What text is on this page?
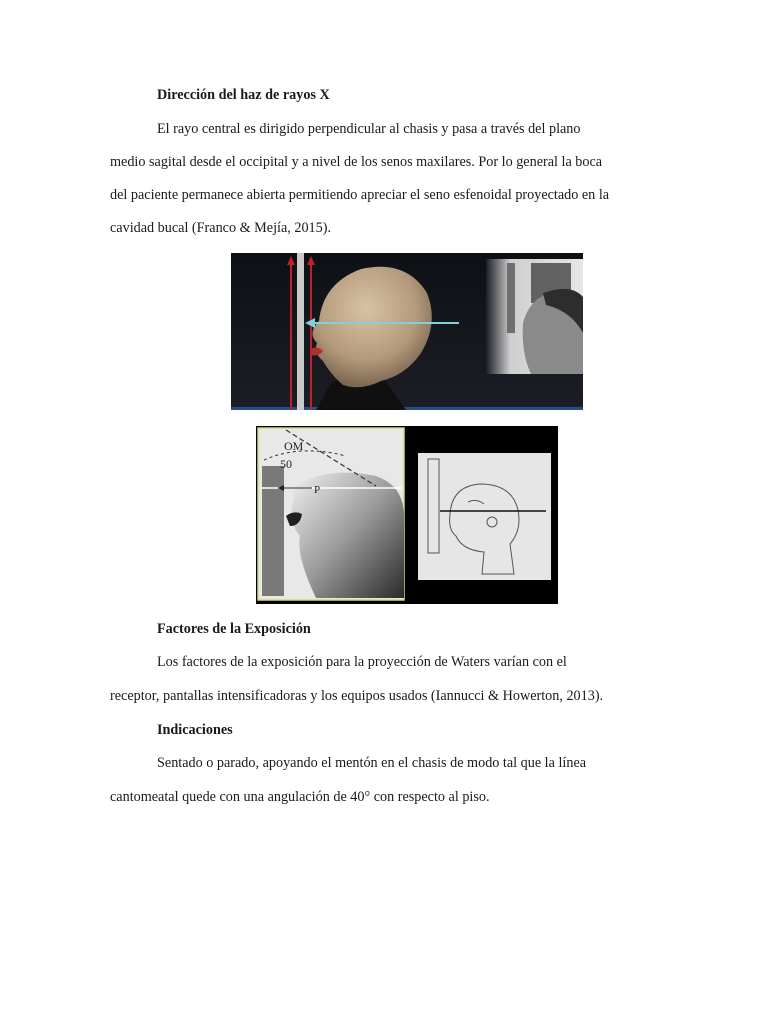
Dirección del haz de rayos X
El rayo central es dirigido perpendicular al chasis y pasa a través del plano
medio sagital desde el occipital y a nivel de los senos maxilares. Por lo general la boca
del paciente permanece abierta permitiendo apreciar el seno esfenoidal proyectado en la
cavidad bucal (Franco & Mejía, 2015).
OM
50
P
Factores de la Exposición
Los factores de la exposición para la proyección de Waters varían con el
receptor, pantallas intensificadoras y los equipos usados (Iannucci & Howerton, 2013).
Indicaciones
Sentado o parado, apoyando el mentón en el chasis de modo tal que la línea
cantomeatal quede con una angulación de 40° con respecto al piso.
